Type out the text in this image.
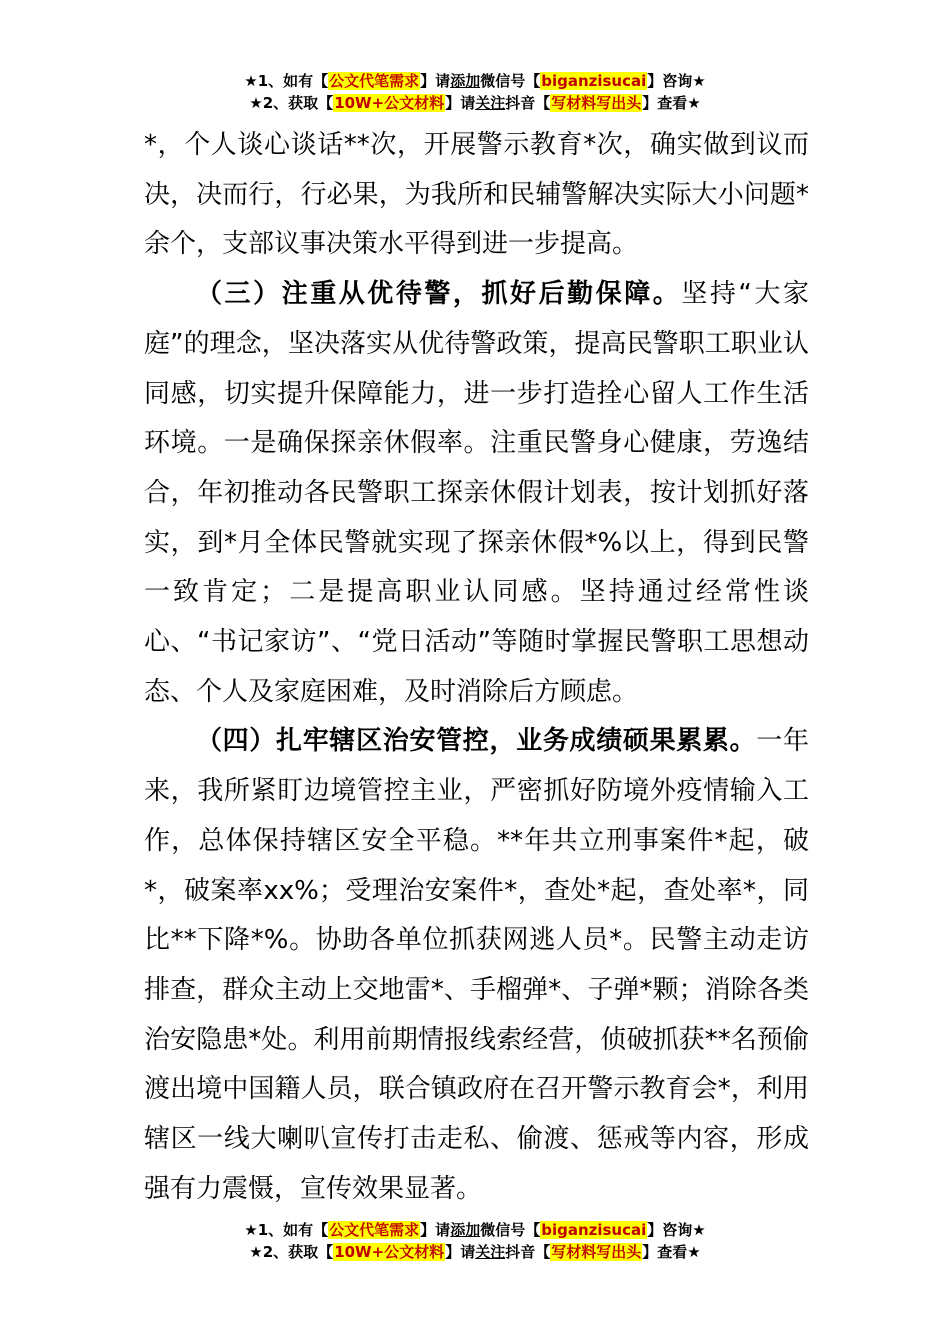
★1、如有【公文代笔需求】请添加微信号【biganzisucai】咨询★
★2、获取【10W+公文材料】请关注抖音【写材料写出头】查看★

*，个人谈心谈话**次，开展警示教育*次，确实做到议而决，决而行，行必果，为我所和民辅警解决实际大小问题*余个，支部议事决策水平得到进一步提高。

（三）注重从优待警，抓好后勤保障。坚持“大家庭”的理念，坚决落实从优待警政策，提高民警职工职业认同感，切实提升保障能力，进一步打造拴心留人工作生活环境。一是确保探亲休假率。注重民警身心健康，劳逸结合，年初推动各民警职工探亲休假计划表，按计划抓好落实，到*月全体民警就实现了探亲休假*%以上，得到民警一致肯定；二是提高职业认同感。坚持通过经常性谈心、“书记家访”、“党日活动”等随时掌握民警职工思想动态、个人及家庭困难，及时消除后方顾虑。

（四）扎牢辖区治安管控，业务成绩硕果累累。一年来，我所紧盯边境管控主业，严密抓好防境外疫情输入工作，总体保持辖区安全平稳。**年共立刑事案件*起，破*，破案率xx%；受理治安案件*，查处*起，查处率*，同比**下降*%。协助各单位抓获网逃人员*。民警主动走访排查，群众主动上交地雷*、手榴弹*、子弹*颗；消除各类治安隐患*处。利用前期情报线索经营，侦破抓获**名预偷渡出境中国籍人员，联合镇政府在召开警示教育会*，利用辖区一线大喇叭宣传打击走私、偷渡、惩戒等内容，形成强有力震慑，宣传效果显著。

★1、如有【公文代笔需求】请添加微信号【biganzisucai】咨询★
★2、获取【10W+公文材料】请关注抖音【写材料写出头】查看★
